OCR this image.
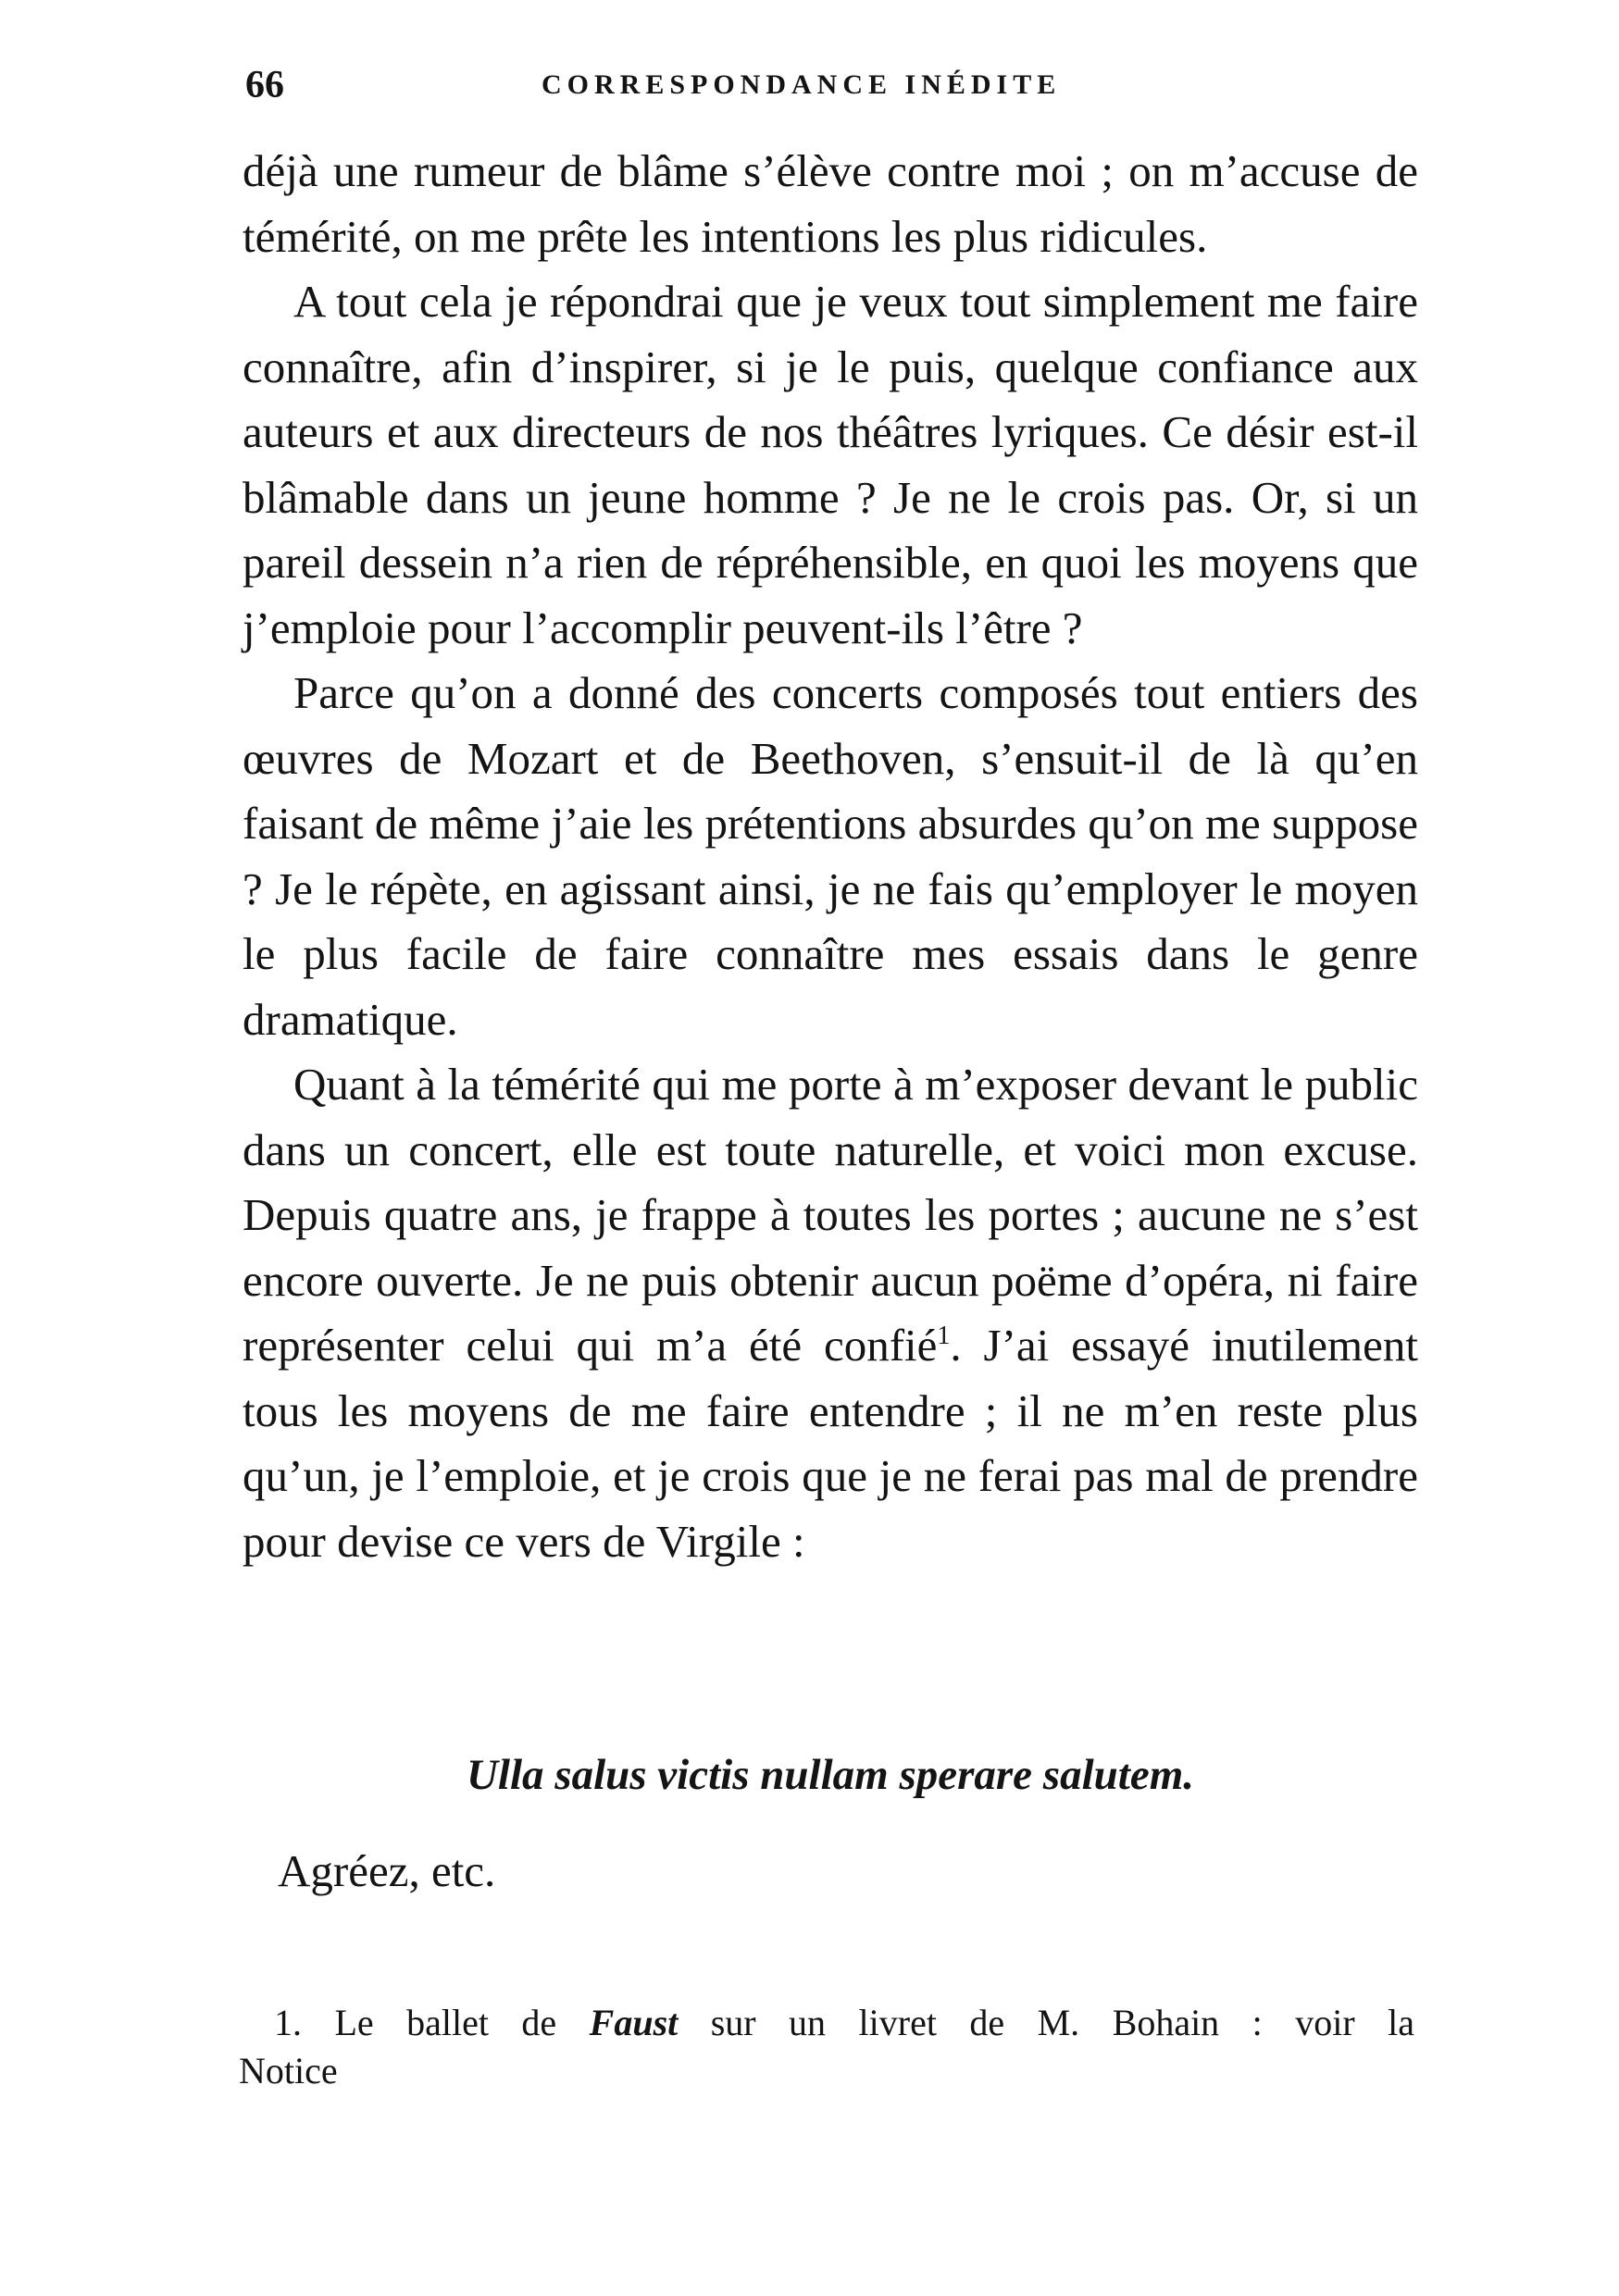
66	CORRESPONDANCE INÉDITE

déjà une rumeur de blâme s’élève contre moi ; on m’accuse de témérité, on me prête les intentions les plus ridicules.

A tout cela je répondrai que je veux tout simplement me faire connaître, afin d’inspirer, si je le puis, quelque confiance aux auteurs et aux directeurs de nos théâtres lyriques. Ce désir est-il blâmable dans un jeune homme ? Je ne le crois pas. Or, si un pareil dessein n’a rien de répréhensible, en quoi les moyens que j’emploie pour l’accomplir peuvent-ils l’être ?

Parce qu’on a donné des concerts composés tout entiers des œuvres de Mozart et de Beethoven, s’ensuit-il de là qu’en faisant de même j’aie les prétentions absurdes qu’on me suppose ? Je le répète, en agissant ainsi, je ne fais qu’employer le moyen le plus facile de faire connaître mes essais dans le genre dramatique.

Quant à la témérité qui me porte à m’exposer devant le public dans un concert, elle est toute naturelle, et voici mon excuse. Depuis quatre ans, je frappe à toutes les portes ; aucune ne s’est encore ouverte. Je ne puis obtenir aucun poëme d’opéra, ni faire représenter celui qui m’a été confié$^1$. J’ai essayé inutilement tous les moyens de me faire entendre ; il ne m’en reste plus qu’un, je l’emploie, et je crois que je ne ferai pas mal de prendre pour devise ce vers de Virgile :

Ulla salus victis nullam sperare salutem.
Agréez, etc.
1. Le ballet de Faust sur un livret de M. Bohain : voir la
Notice
